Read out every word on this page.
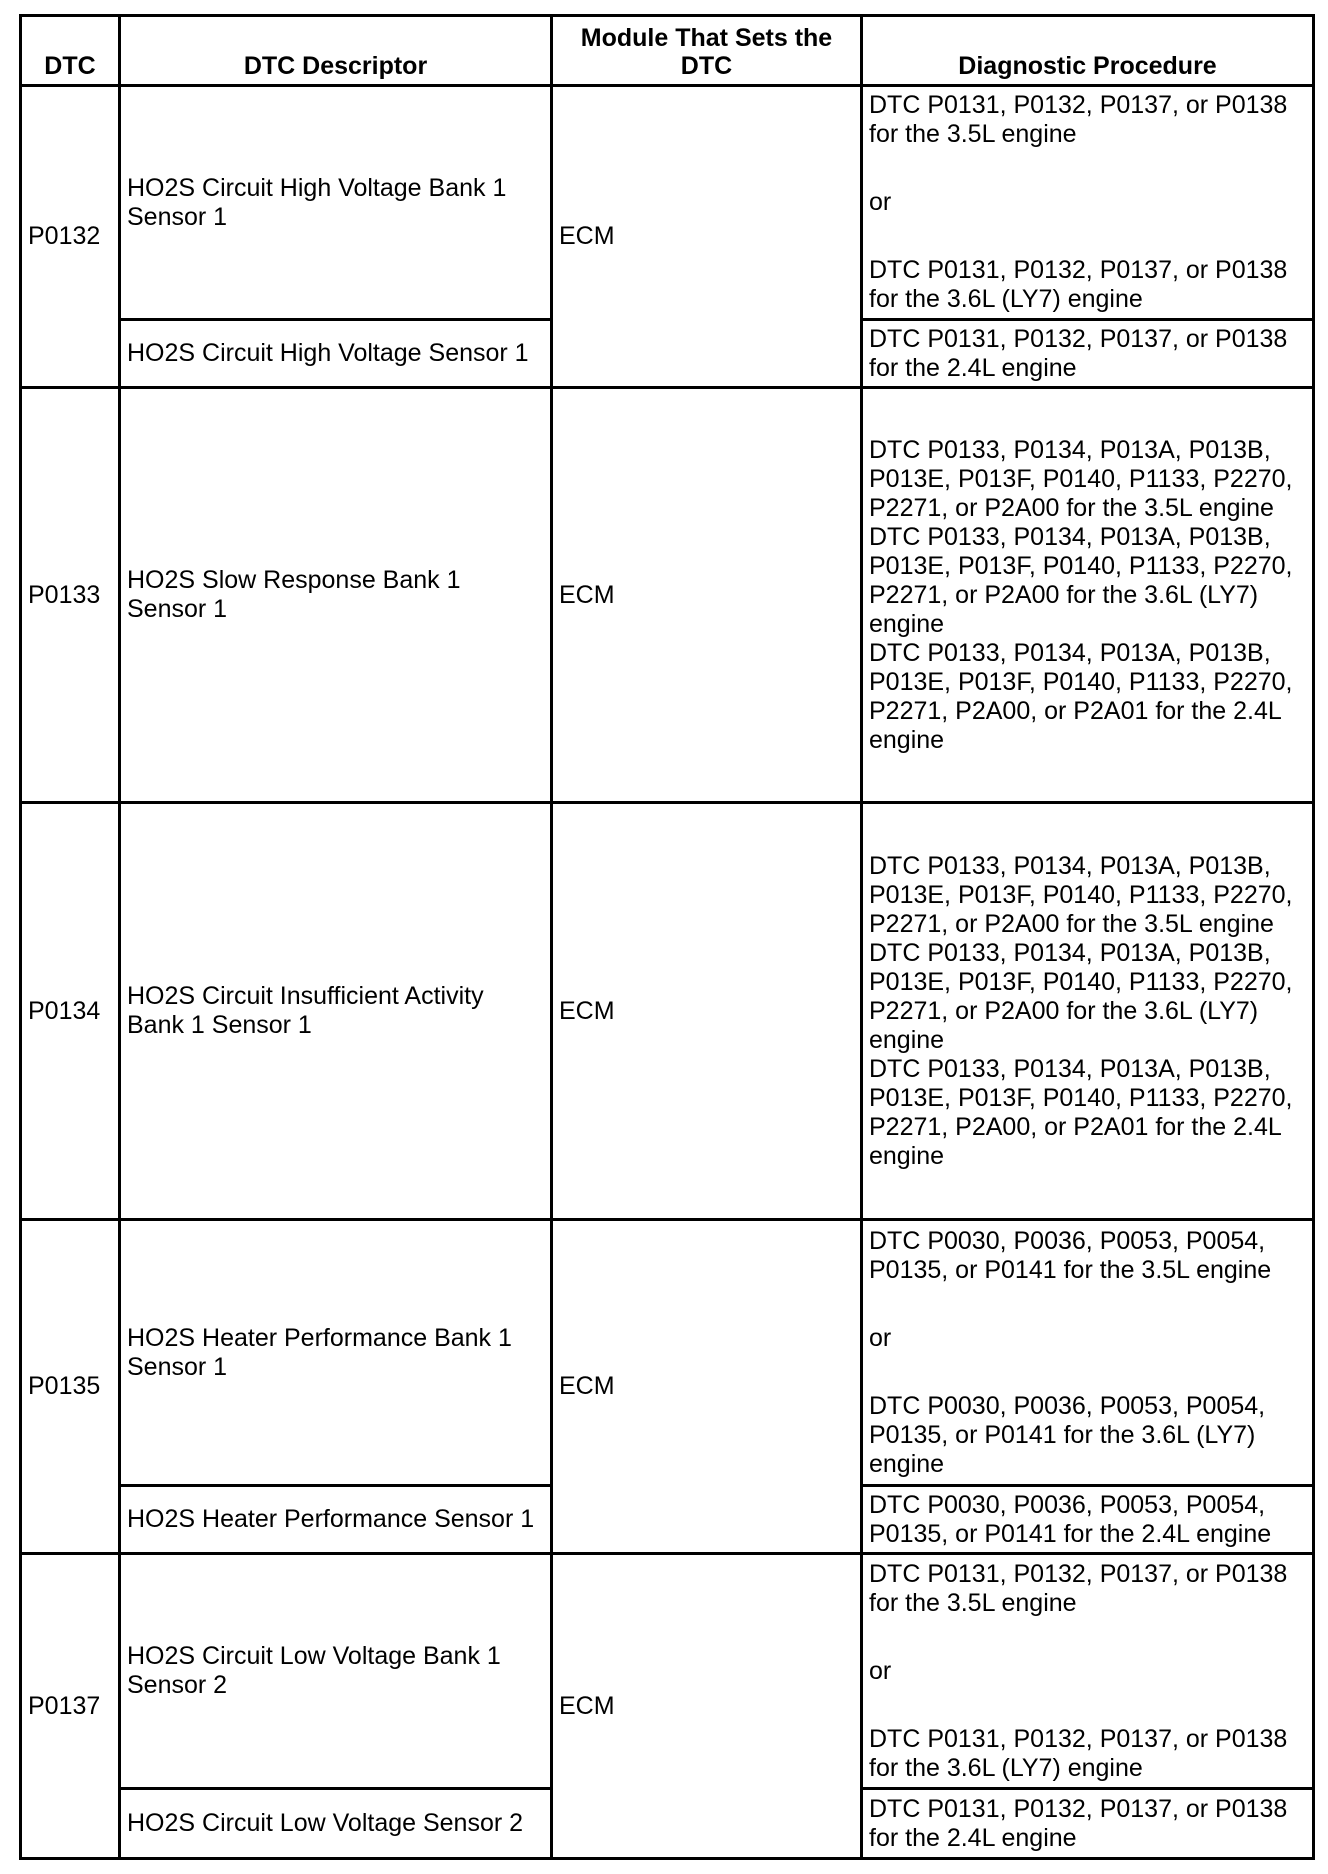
DTC	DTC Descriptor	Module That Sets the DTC	Diagnostic Procedure
P0132	HO2S Circuit High Voltage Bank 1 Sensor 1	ECM	DTC P0131, P0132, P0137, or P0138 for the 3.5L engine
or
DTC P0131, P0132, P0137, or P0138 for the 3.6L (LY7) engine

	HO2S Circuit High Voltage Sensor 1		DTC P0131, P0132, P0137, or P0138 for the 2.4L engine

P0133	HO2S Slow Response Bank 1 Sensor 1	ECM	DTC P0133, P0134, P013A, P013B, P013E, P013F, P0140, P1133, P2270, P2271, or P2A00 for the 3.5L engine
DTC P0133, P0134, P013A, P013B, P013E, P013F, P0140, P1133, P2270, P2271, or P2A00 for the 3.6L (LY7) engine
DTC P0133, P0134, P013A, P013B, P013E, P013F, P0140, P1133, P2270, P2271, P2A00, or P2A01 for the 2.4L engine

P0134	HO2S Circuit Insufficient Activity Bank 1 Sensor 1	ECM	DTC P0133, P0134, P013A, P013B, P013E, P013F, P0140, P1133, P2270, P2271, or P2A00 for the 3.5L engine
DTC P0133, P0134, P013A, P013B, P013E, P013F, P0140, P1133, P2270, P2271, or P2A00 for the 3.6L (LY7) engine
DTC P0133, P0134, P013A, P013B, P013E, P013F, P0140, P1133, P2270, P2271, P2A00, or P2A01 for the 2.4L engine

P0135	HO2S Heater Performance Bank 1 Sensor 1	ECM	DTC P0030, P0036, P0053, P0054, P0135, or P0141 for the 3.5L engine
or
DTC P0030, P0036, P0053, P0054, P0135, or P0141 for the 3.6L (LY7) engine

	HO2S Heater Performance Sensor 1		DTC P0030, P0036, P0053, P0054, P0135, or P0141 for the 2.4L engine

P0137	HO2S Circuit Low Voltage Bank 1 Sensor 2	ECM	DTC P0131, P0132, P0137, or P0138 for the 3.5L engine
or
DTC P0131, P0132, P0137, or P0138 for the 3.6L (LY7) engine

	HO2S Circuit Low Voltage Sensor 2		DTC P0131, P0132, P0137, or P0138 for the 2.4L engine
